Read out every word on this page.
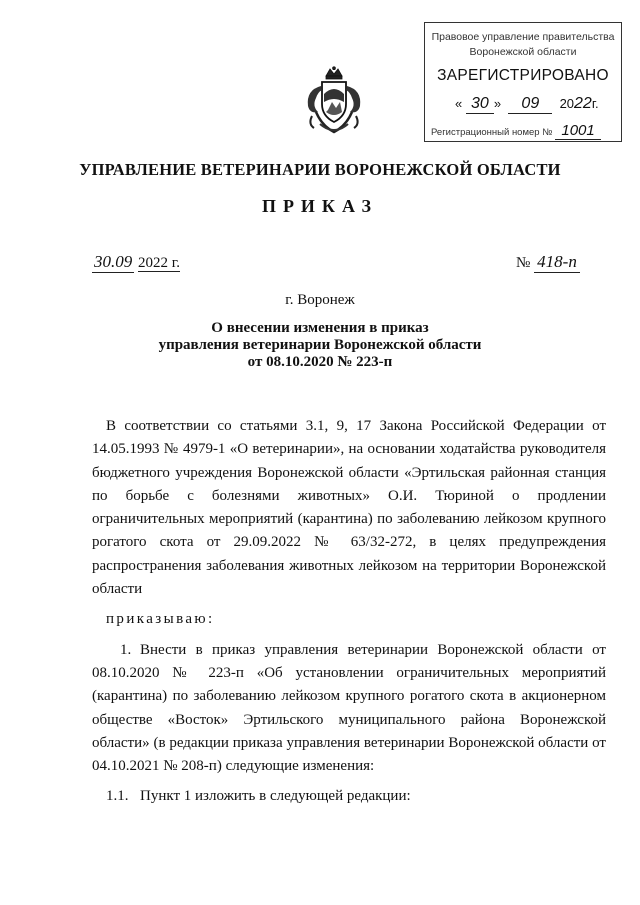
Правовое управление правительства
Воронежской области
ЗАРЕГИСТРИРОВАНО
« 30 » 09 2022г.
Регистрационный номер № 1001
УПРАВЛЕНИЕ ВЕТЕРИНАРИИ ВОРОНЕЖСКОЙ ОБЛАСТИ
ПРИКАЗ
30.09 2022 г.	№ 418-п
г. Воронеж
О внесении изменения в приказ
управления ветеринарии Воронежской области
от 08.10.2020 № 223-п

В соответствии со статьями 3.1, 9, 17 Закона Российской Федерации от 14.05.1993 № 4979-1 «О ветеринарии», на основании ходатайства руководителя бюджетного учреждения Воронежской области «Эртильская районная станция по борьбе с болезнями животных» О.И. Тюриной о продлении ограничительных мероприятий (карантина) по заболеванию лейкозом крупного рогатого скота от 29.09.2022 № 63/32-272, в целях предупреждения распространения заболевания животных лейкозом на территории Воронежской области

приказываю:

1. Внести в приказ управления ветеринарии Воронежской области от 08.10.2020 № 223-п «Об установлении ограничительных мероприятий (карантина) по заболеванию лейкозом крупного рогатого скота в акционерном обществе «Восток» Эртильского муниципального района Воронежской области» (в редакции приказа управления ветеринарии Воронежской области от 04.10.2021 № 208-п) следующие изменения:

1.1. Пункт 1 изложить в следующей редакции:
